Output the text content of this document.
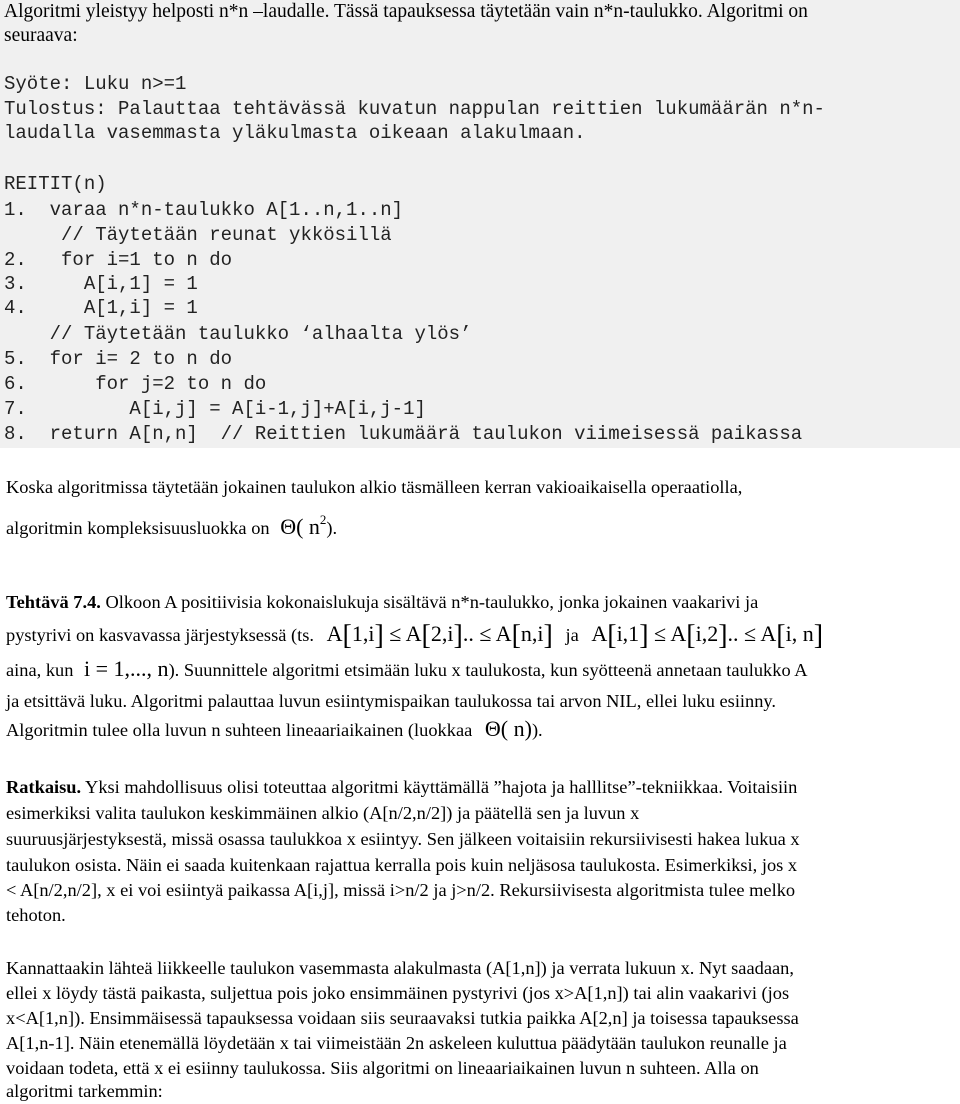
Algoritmi yleistyy helposti n*n –laudalle. Tässä tapauksessa täytetään vain n*n-taulukko. Algoritmi on
seuraava:
Syöte: Luku n>=1
Tulostus: Palauttaa tehtävässä kuvatun nappulan reittien lukumäärän n*n-
laudalla vasemmasta yläkulmasta oikeaan alakulmaan.
REITIT(n)
1.  varaa n*n-taulukko A[1..n,1..n]
// Täytetään reunat ykkösillä
2.   for i=1 to n do
3.     A[i,1] = 1
4.     A[1,i] = 1
// Täytetään taulukko ‘alhaalta ylös’
5.  for i= 2 to n do
6.      for j=2 to n do
7.         A[i,j] = A[i-1,j]+A[i,j-1]
8.  return A[n,n]  // Reittien lukumäärä taulukon viimeisessä paikassa
Koska algoritmissa täytetään jokainen taulukon alkio täsmälleen kerran vakioaikaisella operaatiolla,
algoritmin kompleksisuusluokka on Θ( $n^2$).
Tehtävä 7.4. Olkoon A positiivisia kokonaislukuja sisältävä n*n-taulukko, jonka jokainen vaakarivi ja
pystyrivi on kasvavassa järjestyksessä (ts. A[1,i] ≤ A[2,i].. ≤ A[n,i] ja A[i,1] ≤ A[i,2].. ≤ A[i, n]
aina, kun i = 1,..., n). Suunnittele algoritmi etsimään luku x taulukosta, kun syötteenä annetaan taulukko A
ja etsittävä luku. Algoritmi palauttaa luvun esiintymispaikan taulukossa tai arvon NIL, ellei luku esiinny.
Algoritmin tulee olla luvun n suhteen lineaariaikainen (luokkaa Θ( n)).
Ratkaisu. Yksi mahdollisuus olisi toteuttaa algoritmi käyttämällä ”hajota ja halllitse”-tekniikkaa. Voitaisiin
esimerkiksi valita taulukon keskimmäinen alkio (A[n/2,n/2]) ja päätellä sen ja luvun x
suuruusjärjestyksestä, missä osassa taulukkoa x esiintyy. Sen jälkeen voitaisiin rekursiivisesti hakea lukua x
taulukon osista. Näin ei saada kuitenkaan rajattua kerralla pois kuin neljäsosa taulukosta. Esimerkiksi, jos x
< A[n/2,n/2], x ei voi esiintyä paikassa A[i,j], missä i>n/2 ja j>n/2. Rekursiivisesta algoritmista tulee melko
tehoton.
Kannattaakin lähteä liikkeelle taulukon vasemmasta alakulmasta (A[1,n]) ja verrata lukuun x. Nyt saadaan,
ellei x löydy tästä paikasta, suljettua pois joko ensimmäinen pystyrivi (jos x>A[1,n]) tai alin vaakarivi (jos
x<A[1,n]). Ensimmäisessä tapauksessa voidaan siis seuraavaksi tutkia paikka A[2,n] ja toisessa tapauksessa
A[1,n-1]. Näin etenemällä löydetään x tai viimeistään 2n askeleen kuluttua päädytään taulukon reunalle ja
voidaan todeta, että x ei esiinny taulukossa. Siis algoritmi on lineaariaikainen luvun n suhteen. Alla on
algoritmi tarkemmin:
